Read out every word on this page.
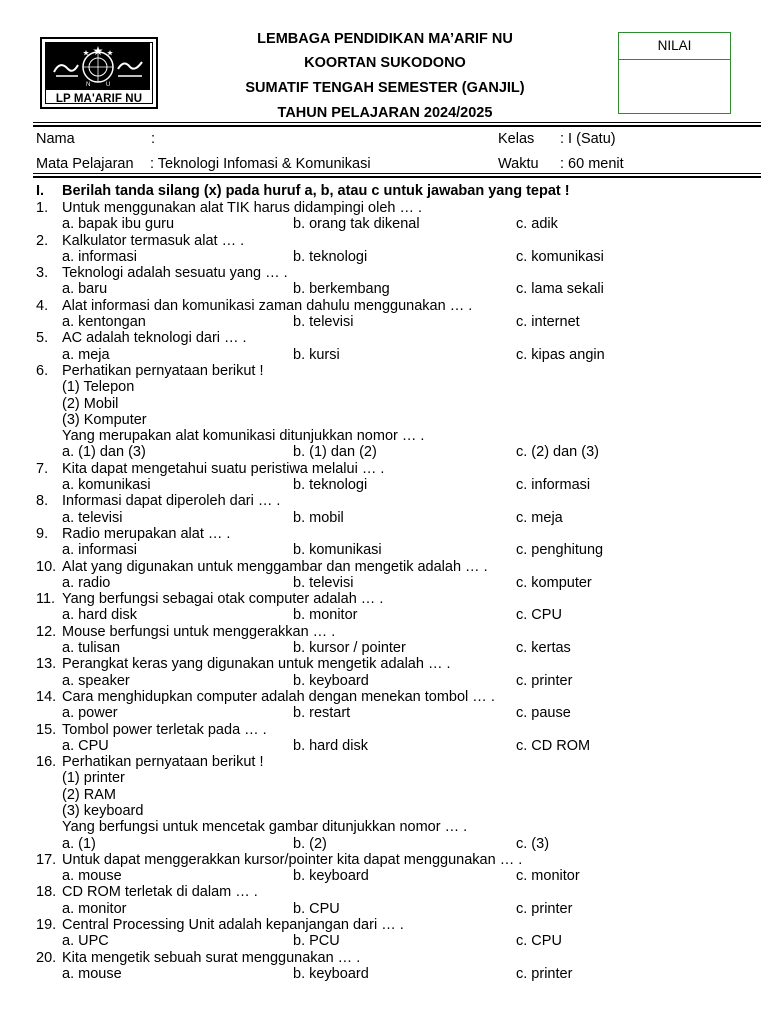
N	U
LP MA'ARIF NU
LEMBAGA PENDIDIKAN MA’ARIF NU
KOORTAN SUKODONO
SUMATIF TENGAH SEMESTER (GANJIL)
TAHUN PELAJARAN 2024/2025
NILAI
Nama	:	Kelas : I (Satu)
Mata Pelajaran : Teknologi Infomasi & Komunikasi	Waktu : 60 menit
I. Berilah tanda silang (x) pada huruf a, b, atau c untuk jawaban yang tepat !
1. Untuk menggunakan alat TIK harus didampingi oleh … .
a. bapak ibu guru	b. orang tak dikenal	c. adik
2. Kalkulator termasuk alat … .
a. informasi	b. teknologi	c. komunikasi
3. Teknologi adalah sesuatu yang … .
a. baru	b. berkembang	c. lama sekali
4. Alat informasi dan komunikasi zaman dahulu menggunakan … .
a. kentongan	b. televisi	c. internet
5. AC adalah teknologi dari … .
a. meja	b. kursi	c. kipas angin
6. Perhatikan pernyataan berikut !
(1) Telepon
(2) Mobil
(3) Komputer
Yang merupakan alat komunikasi ditunjukkan nomor … .
a. (1) dan (3)	b. (1) dan (2)	c. (2) dan (3)
7. Kita dapat mengetahui suatu peristiwa melalui … .
a. komunikasi	b. teknologi	c. informasi
8. Informasi dapat diperoleh dari … .
a. televisi	b. mobil	c. meja
9. Radio merupakan alat … .
a. informasi	b. komunikasi	c. penghitung
10. Alat yang digunakan untuk menggambar dan mengetik adalah … .
a. radio	b. televisi	c. komputer
11. Yang berfungsi sebagai otak computer adalah … .
a. hard disk	b. monitor	c. CPU
12. Mouse berfungsi untuk menggerakkan … .
a. tulisan	b. kursor / pointer	c. kertas
13. Perangkat keras yang digunakan untuk mengetik adalah … .
a. speaker	b. keyboard	c. printer
14. Cara menghidupkan computer adalah dengan menekan tombol … .
a. power	b. restart	c. pause
15. Tombol power terletak pada … .
a. CPU	b. hard disk	c. CD ROM
16. Perhatikan pernyataan berikut !
(1) printer
(2) RAM
(3) keyboard
Yang berfungsi untuk mencetak gambar ditunjukkan nomor … .
a. (1)	b. (2)	c. (3)
17. Untuk dapat menggerakkan kursor/pointer kita dapat menggunakan … .
a. mouse	b. keyboard	c. monitor
18. CD ROM terletak di dalam … .
a. monitor	b. CPU	c. printer
19. Central Processing Unit adalah kepanjangan dari … .
a. UPC	b. PCU	c. CPU
20. Kita mengetik sebuah surat menggunakan … .
a. mouse	b. keyboard	c. printer
